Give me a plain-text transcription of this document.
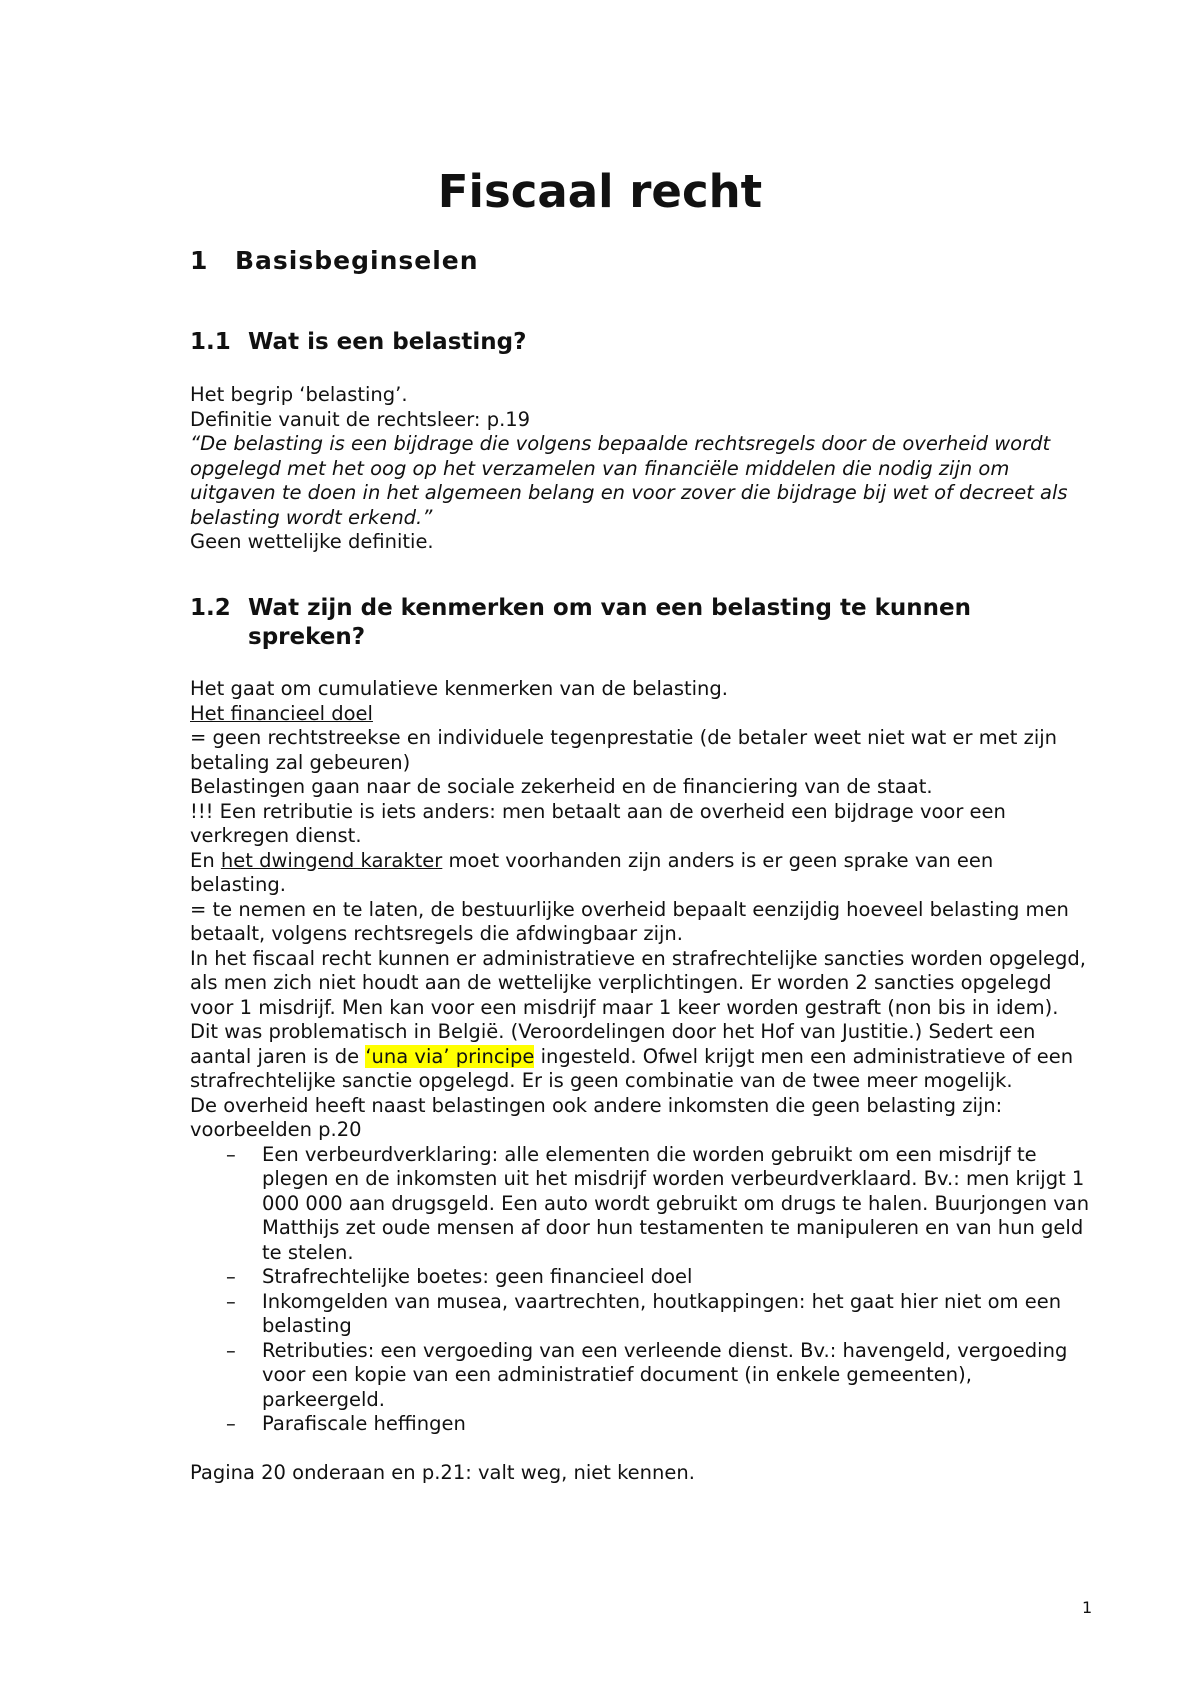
Fiscaal recht
1 Basisbeginselen
1.1 Wat is een belasting?

Het begrip ‘belasting’.

Definitie vanuit de rechtsleer: p.19

“De belasting is een bijdrage die volgens bepaalde rechtsregels door de overheid wordt opgelegd met het oog op het verzamelen van financiële middelen die nodig zijn om uitgaven te doen in het algemeen belang en voor zover die bijdrage bij wet of decreet als belasting wordt erkend.”

Geen wettelijke definitie.

1.2 Wat zijn de kenmerken om van een belasting te kunnen
spreken?

Het gaat om cumulatieve kenmerken van de belasting.

Het financieel doel

= geen rechtstreekse en individuele tegenprestatie (de betaler weet niet wat er met zijn betaling zal gebeuren)

Belastingen gaan naar de sociale zekerheid en de financiering van de staat.

!!! Een retributie is iets anders: men betaalt aan de overheid een bijdrage voor een verkregen dienst.

En het dwingend karakter moet voorhanden zijn anders is er geen sprake van een belasting.

= te nemen en te laten, de bestuurlijke overheid bepaalt eenzijdig hoeveel belasting men betaalt, volgens rechtsregels die afdwingbaar zijn.

In het fiscaal recht kunnen er administratieve en strafrechtelijke sancties worden opgelegd, als men zich niet houdt aan de wettelijke verplichtingen. Er worden 2 sancties opgelegd voor 1 misdrijf. Men kan voor een misdrijf maar 1 keer worden gestraft (non bis in idem). Dit was problematisch in België. (Veroordelingen door het Hof van Justitie.) Sedert een aantal jaren is de ‘una via’ principe ingesteld. Ofwel krijgt men een administratieve of een strafrechtelijke sanctie opgelegd. Er is geen combinatie van de twee meer mogelijk.

De overheid heeft naast belastingen ook andere inkomsten die geen belasting zijn: voorbeelden p.20

– Een verbeurdverklaring: alle elementen die worden gebruikt om een misdrijf te plegen en de inkomsten uit het misdrijf worden verbeurdverklaard. Bv.: men krijgt 1 000 000 aan drugsgeld. Een auto wordt gebruikt om drugs te halen. Buurjongen van Matthijs zet oude mensen af door hun testamenten te manipuleren en van hun geld te stelen.
– Strafrechtelijke boetes: geen financieel doel
– Inkomgelden van musea, vaartrechten, houtkappingen: het gaat hier niet om een belasting
– Retributies: een vergoeding van een verleende dienst. Bv.: havengeld, vergoeding voor een kopie van een administratief document (in enkele gemeenten), parkeergeld.
– Parafiscale heffingen

Pagina 20 onderaan en p.21: valt weg, niet kennen.

1
